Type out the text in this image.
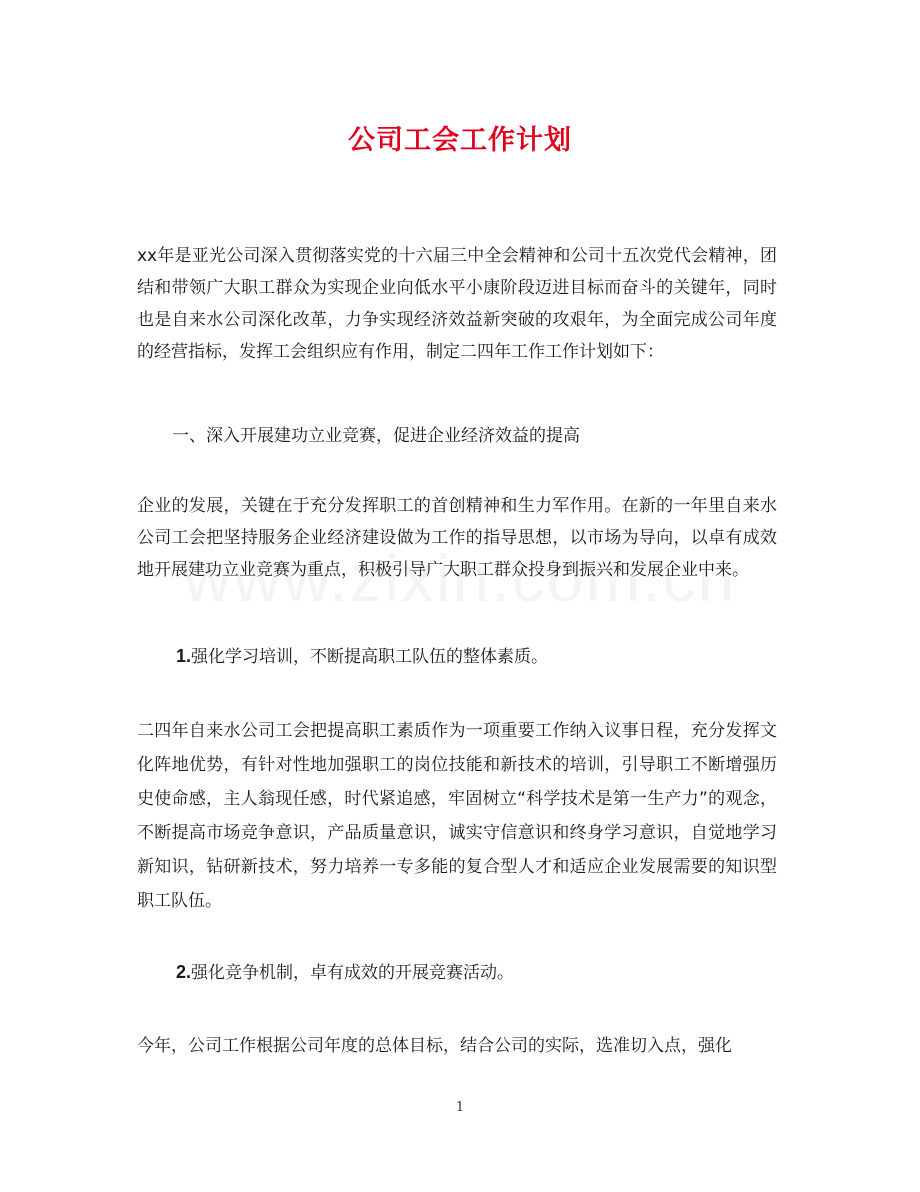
公司工会工作计划

xx年是亚光公司深入贯彻落实党的十六届三中全会精神和公司十五次党代会精神，团结和带领广大职工群众为实现企业向低水平小康阶段迈进目标而奋斗的关键年，同时也是自来水公司深化改革，力争实现经济效益新突破的攻艰年，为全面完成公司年度的经营指标，发挥工会组织应有作用，制定二四年工作工作计划如下：

一、深入开展建功立业竞赛，促进企业经济效益的提高

企业的发展，关键在于充分发挥职工的首创精神和生力军作用。在新的一年里自来水公司工会把坚持服务企业经济建设做为工作的指导思想，以市场为导向，以卓有成效地开展建功立业竞赛为重点，积极引导广大职工群众投身到振兴和发展企业中来。

1.强化学习培训，不断提高职工队伍的整体素质。

二四年自来水公司工会把提高职工素质作为一项重要工作纳入议事日程，充分发挥文化阵地优势，有针对性地加强职工的岗位技能和新技术的培训，引导职工不断增强历史使命感，主人翁现任感，时代紧追感，牢固树立“科学技术是第一生产力”的观念，不断提高市场竞争意识，产品质量意识，诚实守信意识和终身学习意识，自觉地学习新知识，钻研新技术，努力培养一专多能的复合型人才和适应企业发展需要的知识型职工队伍。

2.强化竞争机制，卓有成效的开展竞赛活动。

今年，公司工作根据公司年度的总体目标，结合公司的实际，选准切入点，强化

1
